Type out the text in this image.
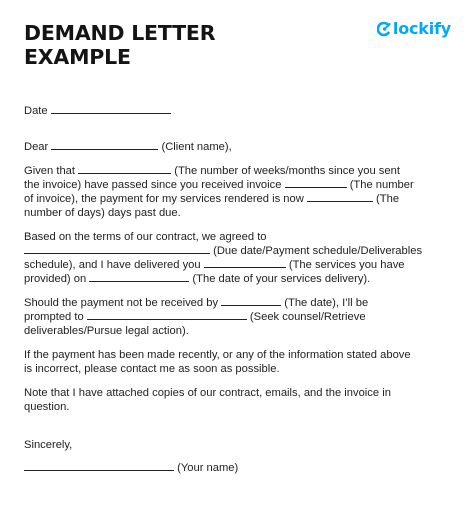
DEMAND LETTER
EXAMPLE
lockify
Date
Dear	(Client name),
Given that	(The number of weeks/months since you sent
the invoice) have passed since you received invoice	(The number
of invoice), the payment for my services rendered is now	(The
number of days) days past due.
Based on the terms of our contract, we agreed to
(Due date/Payment schedule/Deliverables
schedule), and I have delivered you	(The services you have
provided) on	(The date of your services delivery).
Should the payment not be received by	(The date), I’ll be
prompted to	(Seek counsel/Retrieve
deliverables/Pursue legal action).
If the payment has been made recently, or any of the information stated above
is incorrect, please contact me as soon as possible.
Note that I have attached copies of our contract, emails, and the invoice in
question.
Sincerely,
(Your name)
